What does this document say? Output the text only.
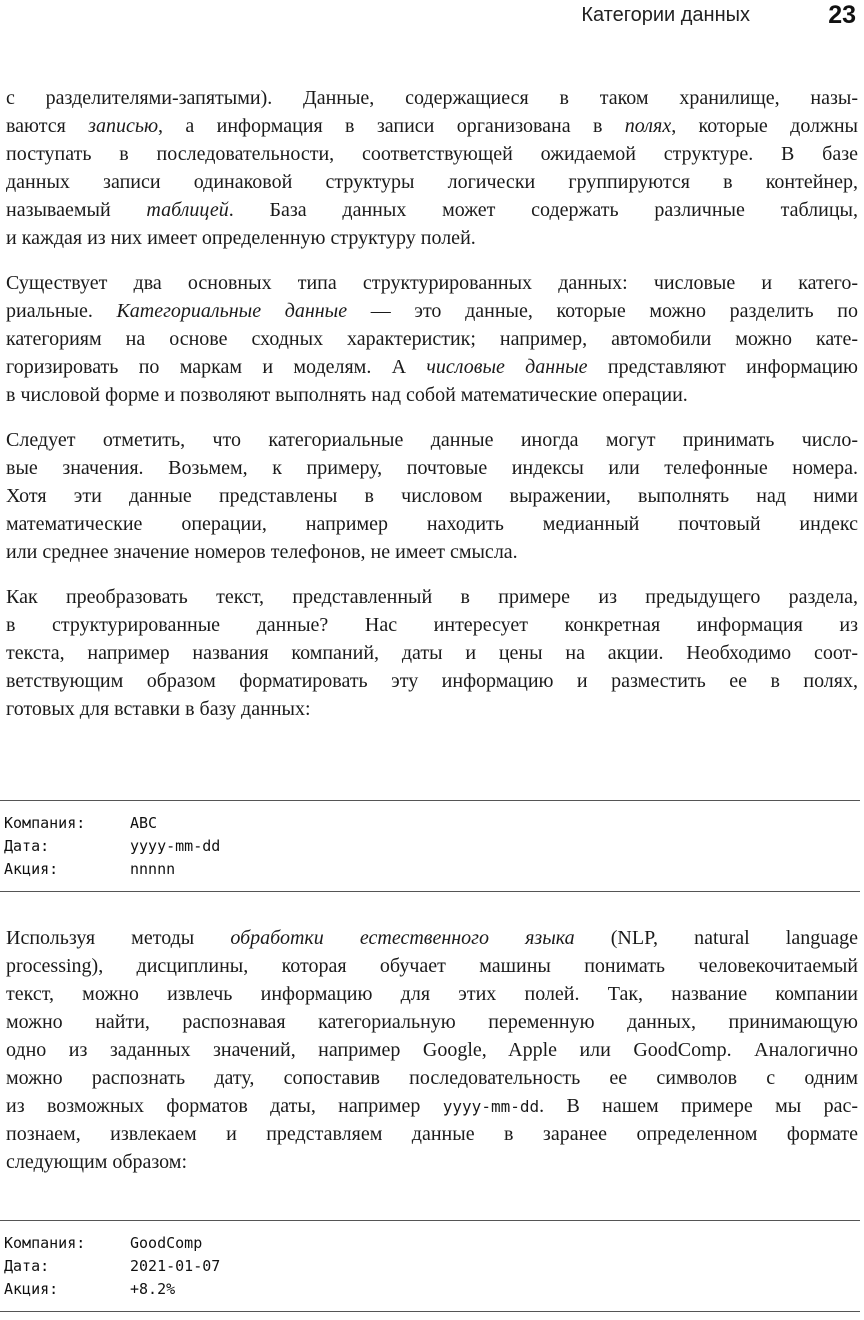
Категории данных	23

с разделителями-запятыми). Данные, содержащиеся в таком хранилище, назы-
ваются записью, а информация в записи организована в полях, которые должны
поступать в последовательности, соответствующей ожидаемой структуре. В базе
данных записи одинаковой структуры логически группируются в контейнер,
называемый таблицей. База данных может содержать различные таблицы,
и каждая из них имеет определенную структуру полей.

Существует два основных типа структурированных данных: числовые и катего-
риальные. Категориальные данные — это данные, которые можно разделить по
категориям на основе сходных характеристик; например, автомобили можно кате-
горизировать по маркам и моделям. А числовые данные представляют информацию
в числовой форме и позволяют выполнять над собой математические операции.

Следует отметить, что категориальные данные иногда могут принимать число-
вые значения. Возьмем, к примеру, почтовые индексы или телефонные номера.
Хотя эти данные представлены в числовом выражении, выполнять над ними
математические операции, например находить медианный почтовый индекс
или среднее значение номеров телефонов, не имеет смысла.

Как преобразовать текст, представленный в примере из предыдущего раздела,
в структурированные данные? Нас интересует конкретная информация из
текста, например названия компаний, даты и цены на акции. Необходимо соот-
ветствующим образом форматировать эту информацию и разместить ее в полях,
готовых для вставки в базу данных:

Компания:	ABC
Дата:	yyyy-mm-dd
Акция:	nnnnn

Используя методы обработки естественного языка (NLP, natural language
processing), дисциплины, которая обучает машины понимать человекочитаемый
текст, можно извлечь информацию для этих полей. Так, название компании
можно найти, распознавая категориальную переменную данных, принимающую
одно из заданных значений, например Google, Apple или GoodComp. Аналогично
можно распознать дату, сопоставив последовательность ее символов с одним
из возможных форматов даты, например yyyy-mm-dd. В нашем примере мы рас-
познаем, извлекаем и представляем данные в заранее определенном формате
следующим образом:

Компания:	GoodComp
Дата:	2021-01-07
Акция:	+8.2%
